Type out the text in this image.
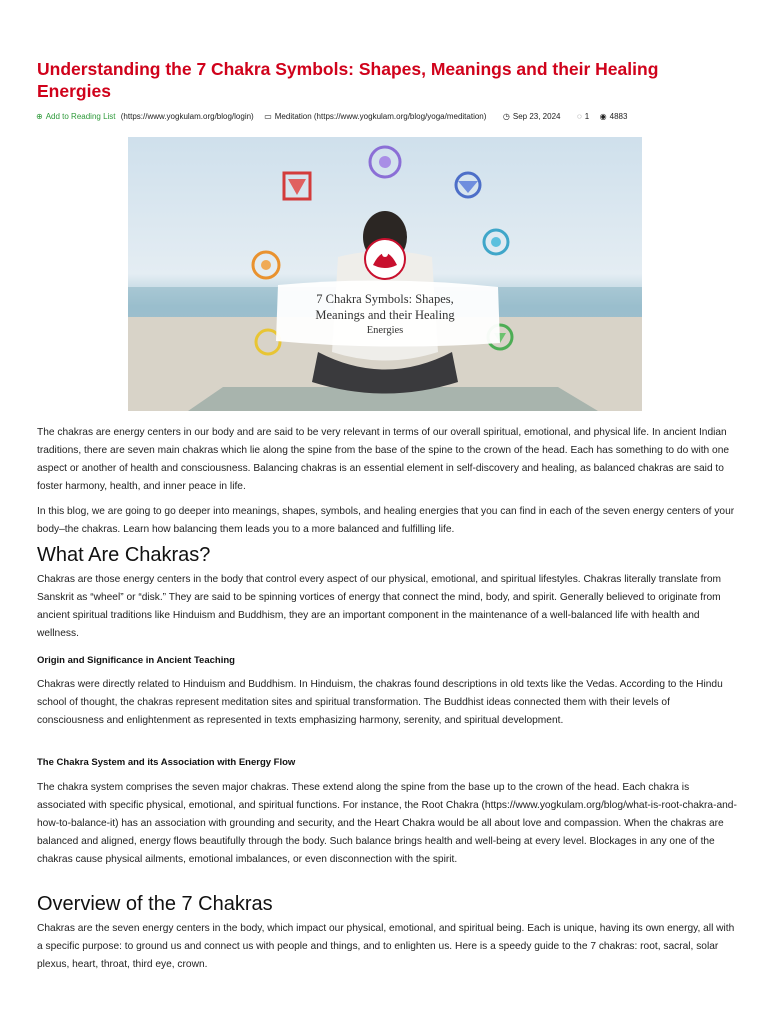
Understanding the 7 Chakra Symbols: Shapes, Meanings and their Healing Energies
⊕ Add to Reading List (https://www.yogkulam.org/blog/login) ▭ Meditation (https://www.yogkulam.org/blog/yoga/meditation) ◷ Sep 23, 2024 ◌ 1 ◉ 4883
7 Chakra Symbols: Shapes,
Meanings and their Healing
Energies

The chakras are energy centers in our body and are said to be very relevant in terms of our overall spiritual, emotional, and physical life. In ancient Indian traditions, there are seven main chakras which lie along the spine from the base of the spine to the crown of the head. Each has something to do with one aspect or another of health and consciousness. Balancing chakras is an essential element in self-discovery and healing, as balanced chakras are said to foster harmony, health, and inner peace in life.

In this blog, we are going to go deeper into meanings, shapes, symbols, and healing energies that you can find in each of the seven energy centers of your body–the chakras. Learn how balancing them leads you to a more balanced and fulfilling life.

What Are Chakras?

Chakras are those energy centers in the body that control every aspect of our physical, emotional, and spiritual lifestyles. Chakras literally translate from Sanskrit as “wheel” or “disk.” They are said to be spinning vortices of energy that connect the mind, body, and spirit. Generally believed to originate from ancient spiritual traditions like Hinduism and Buddhism, they are an important component in the maintenance of a well-balanced life with health and wellness.

Origin and Significance in Ancient Teaching

Chakras were directly related to Hinduism and Buddhism. In Hinduism, the chakras found descriptions in old texts like the Vedas. According to the Hindu school of thought, the chakras represent meditation sites and spiritual transformation. The Buddhist ideas connected them with their levels of consciousness and enlightenment as represented in texts emphasizing harmony, serenity, and spiritual development.

The Chakra System and its Association with Energy Flow

The chakra system comprises the seven major chakras. These extend along the spine from the base up to the crown of the head. Each chakra is associated with specific physical, emotional, and spiritual functions. For instance, the Root Chakra (https://www.yogkulam.org/blog/what-is-root-chakra-and-how-to-balance-it) has an association with grounding and security, and the Heart Chakra would be all about love and compassion. When the chakras are balanced and aligned, energy flows beautifully through the body. Such balance brings health and well-being at every level. Blockages in any one of the chakras cause physical ailments, emotional imbalances, or even disconnection with the spirit.

Overview of the 7 Chakras

Chakras are the seven energy centers in the body, which impact our physical, emotional, and spiritual being. Each is unique, having its own energy, all with a specific purpose: to ground us and connect us with people and things, and to enlighten us. Here is a speedy guide to the 7 chakras: root, sacral, solar plexus, heart, throat, third eye, crown.
